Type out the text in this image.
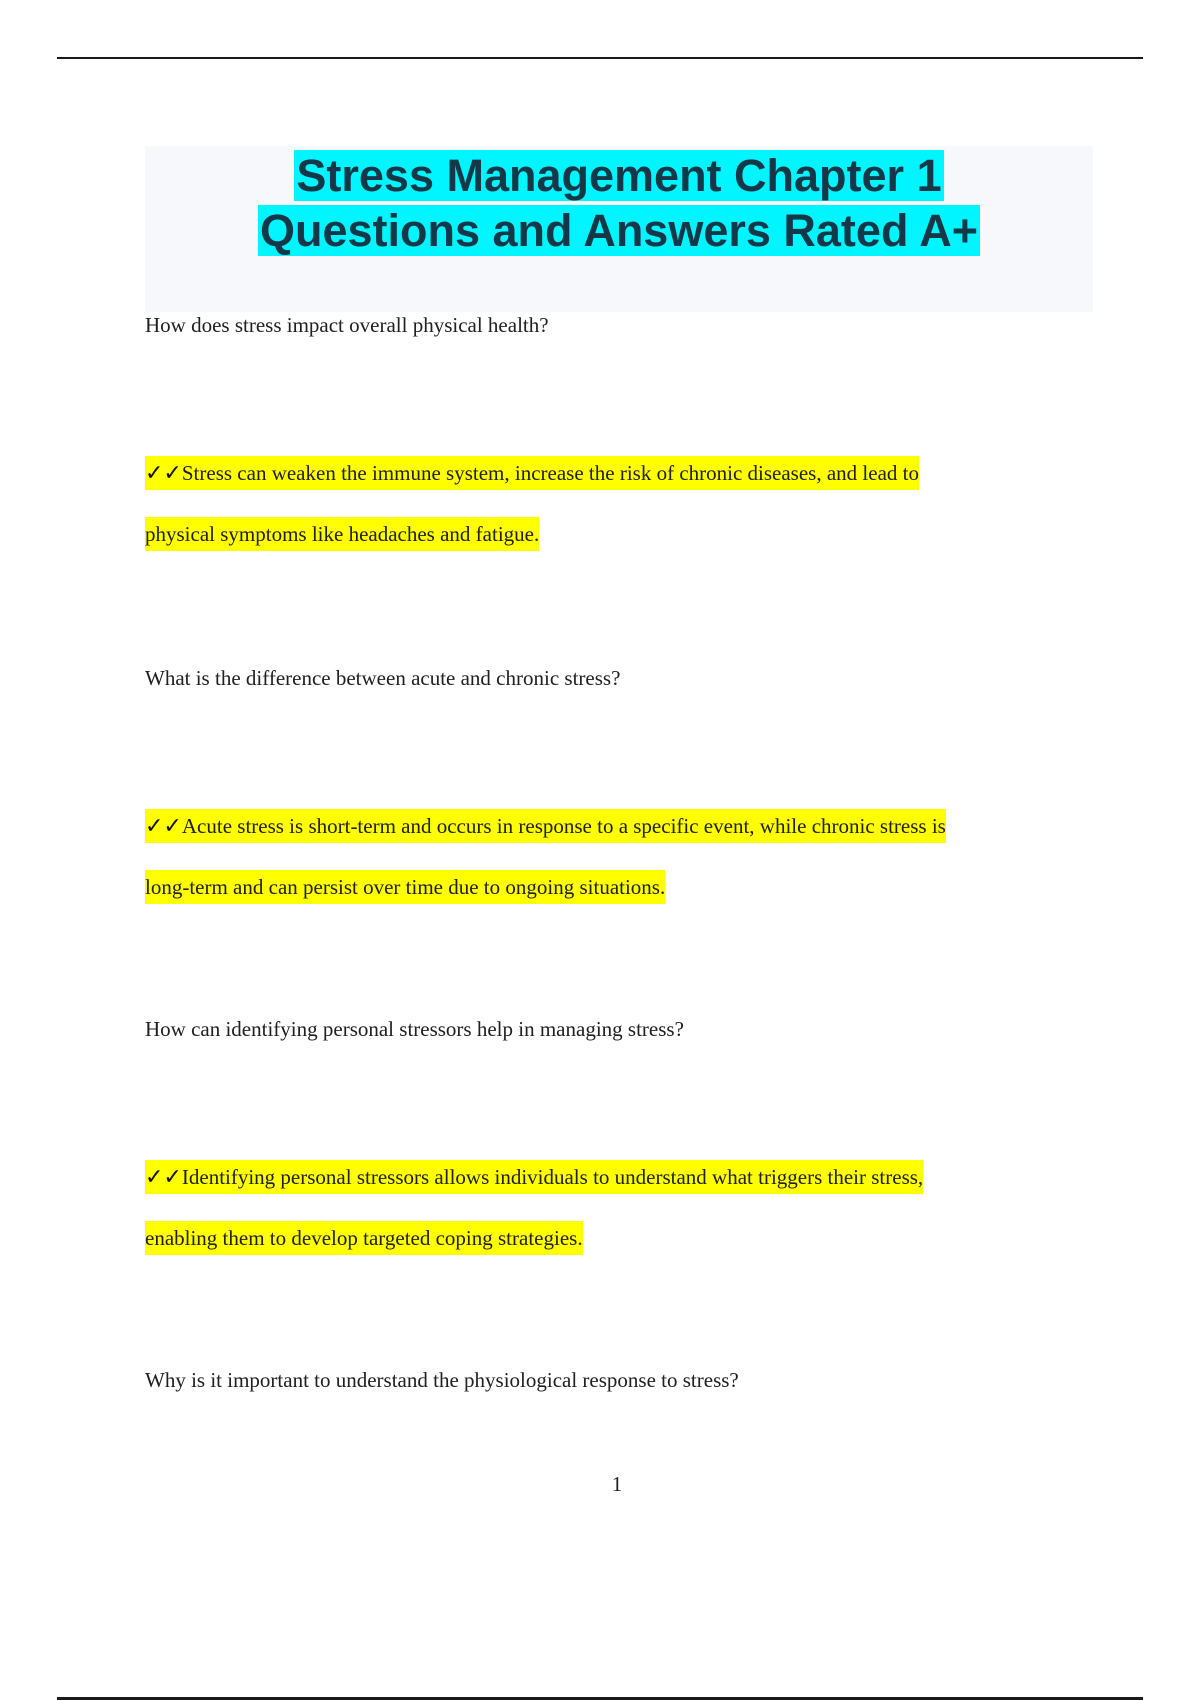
Stress Management Chapter 1
Questions and Answers Rated A+

How does stress impact overall physical health?

✓✓Stress can weaken the immune system, increase the risk of chronic diseases, and lead to
physical symptoms like headaches and fatigue.

What is the difference between acute and chronic stress?

✓✓Acute stress is short-term and occurs in response to a specific event, while chronic stress is
long-term and can persist over time due to ongoing situations.

How can identifying personal stressors help in managing stress?

✓✓Identifying personal stressors allows individuals to understand what triggers their stress,
enabling them to develop targeted coping strategies.

Why is it important to understand the physiological response to stress?

1
